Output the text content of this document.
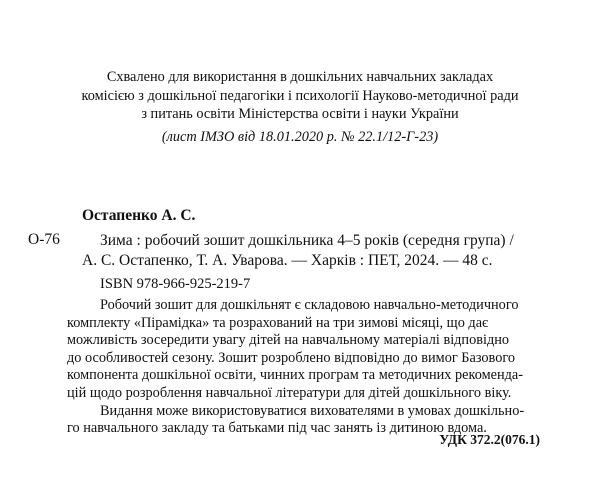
Схвалено для використання в дошкільних навчальних закладах
комісією з дошкільної педагогіки і психології Науково-методичної ради
з питань освіти Міністерства освіти і науки України
(лист ІМЗО від 18.01.2020 р. № 22.1/12-Г-23)
Остапенко А. С.
О-76	Зима : робочий зошит дошкільника 4–5 років (середня група) /
А. С. Остапенко, Т. А. Уварова. — Харків : ПЕТ, 2024. — 48 с.
ISBN 978-966-925-219-7
Робочий зошит для дошкільнят є складовою навчально-методичного
комплекту «Пірамідка» та розрахований на три зимові місяці, що дає
можливість зосередити увагу дітей на навчальному матеріалі відповідно
до особливостей сезону. Зошит розроблено відповідно до вимог Базового
компонента дошкільної освіти, чинних програм та методичних рекоменда-
цій щодо розроблення навчальної літератури для дітей дошкільного віку.
Видання може використовуватися вихователями в умовах дошкільно-
го навчального закладу та батьками під час занять із дитиною вдома.
УДК 372.2(076.1)
